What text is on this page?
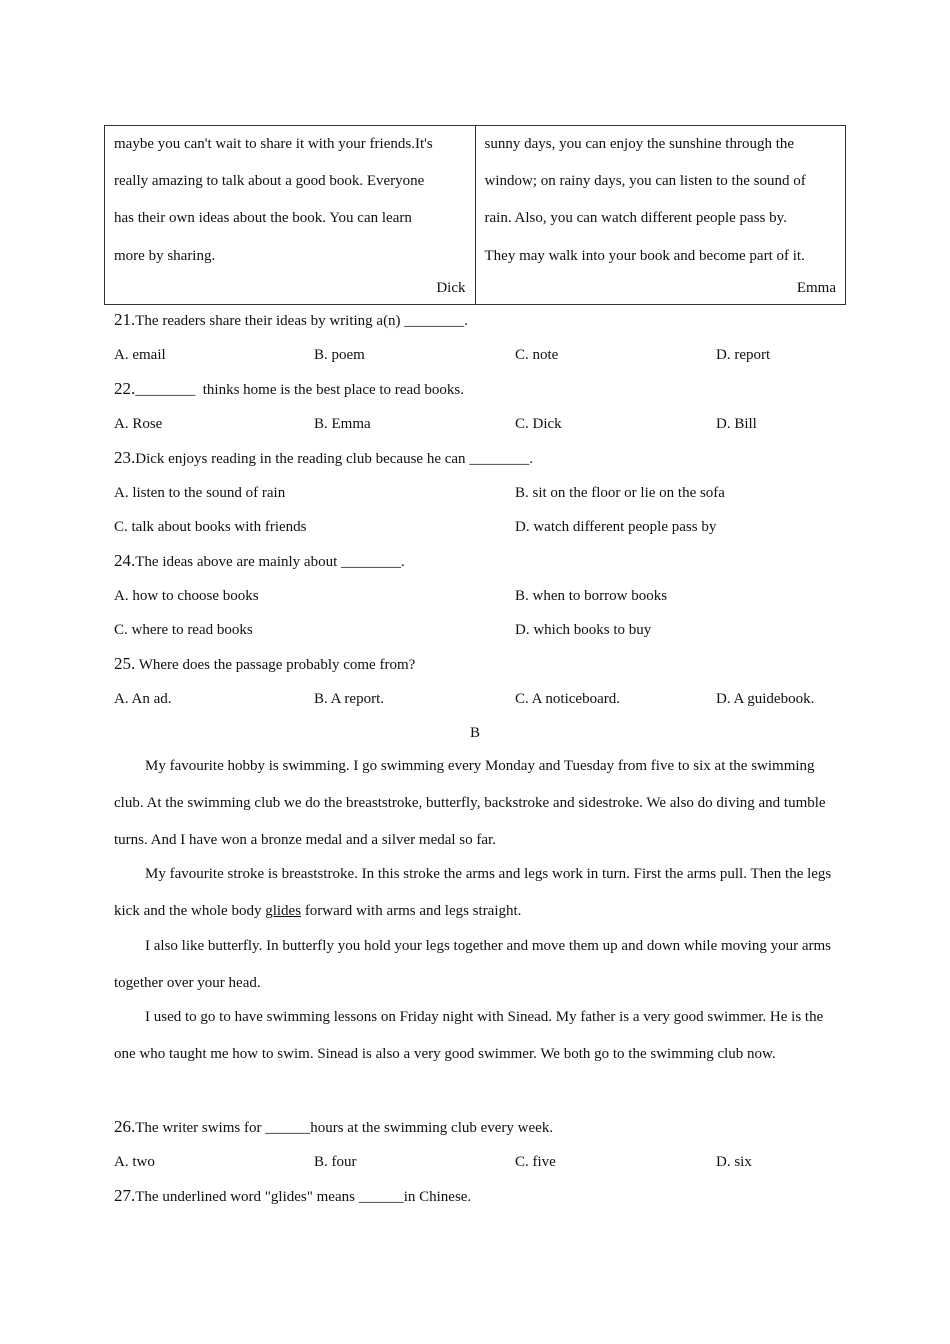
maybe you can't wait to share it with your friends.It's
really amazing to talk about a good book. Everyone
has their own ideas about the book. You can learn
more by sharing.
Dick

sunny days, you can enjoy the sunshine through the
window; on rainy days, you can listen to the sound of
rain. Also, you can watch different people pass by.
They may walk into your book and become part of it.
Emma
21.The readers share their ideas by writing a(n) ________.
A. email	B. poem	C. note	D. report
22.________  thinks home is the best place to read books.
A. Rose	B. Emma	C. Dick	D. Bill
23.Dick enjoys reading in the reading club because he can ________.
A. listen to the sound of rain	B. sit on the floor or lie on the sofa
C. talk about books with friends	D. watch different people pass by
24.The ideas above are mainly about ________.
A. how to choose books	B. when to borrow books
C. where to read books	D. which books to buy
25. Where does the passage probably come from?
A. An ad.	B. A report.	C. A noticeboard.	D. A guidebook.
B

My favourite hobby is swimming. I go swimming every Monday and Tuesday from five to six at the swimming club. At the swimming club we do the breaststroke, butterfly, backstroke and sidestroke. We also do diving and tumble turns. And I have won a bronze medal and a silver medal so far.

My favourite stroke is breaststroke. In this stroke the arms and legs work in turn. First the arms pull. Then the legs kick and the whole body glides forward with arms and legs straight.

I also like butterfly. In butterfly you hold your legs together and move them up and down while moving your arms together over your head.

I used to go to have swimming lessons on Friday night with Sinead. My father is a very good swimmer. He is the one who taught me how to swim. Sinead is also a very good swimmer. We both go to the swimming club now.

26.The writer swims for ______hours at the swimming club every week.
A. two	B. four	C. five	D. six
27.The underlined word "glides" means ______in Chinese.
